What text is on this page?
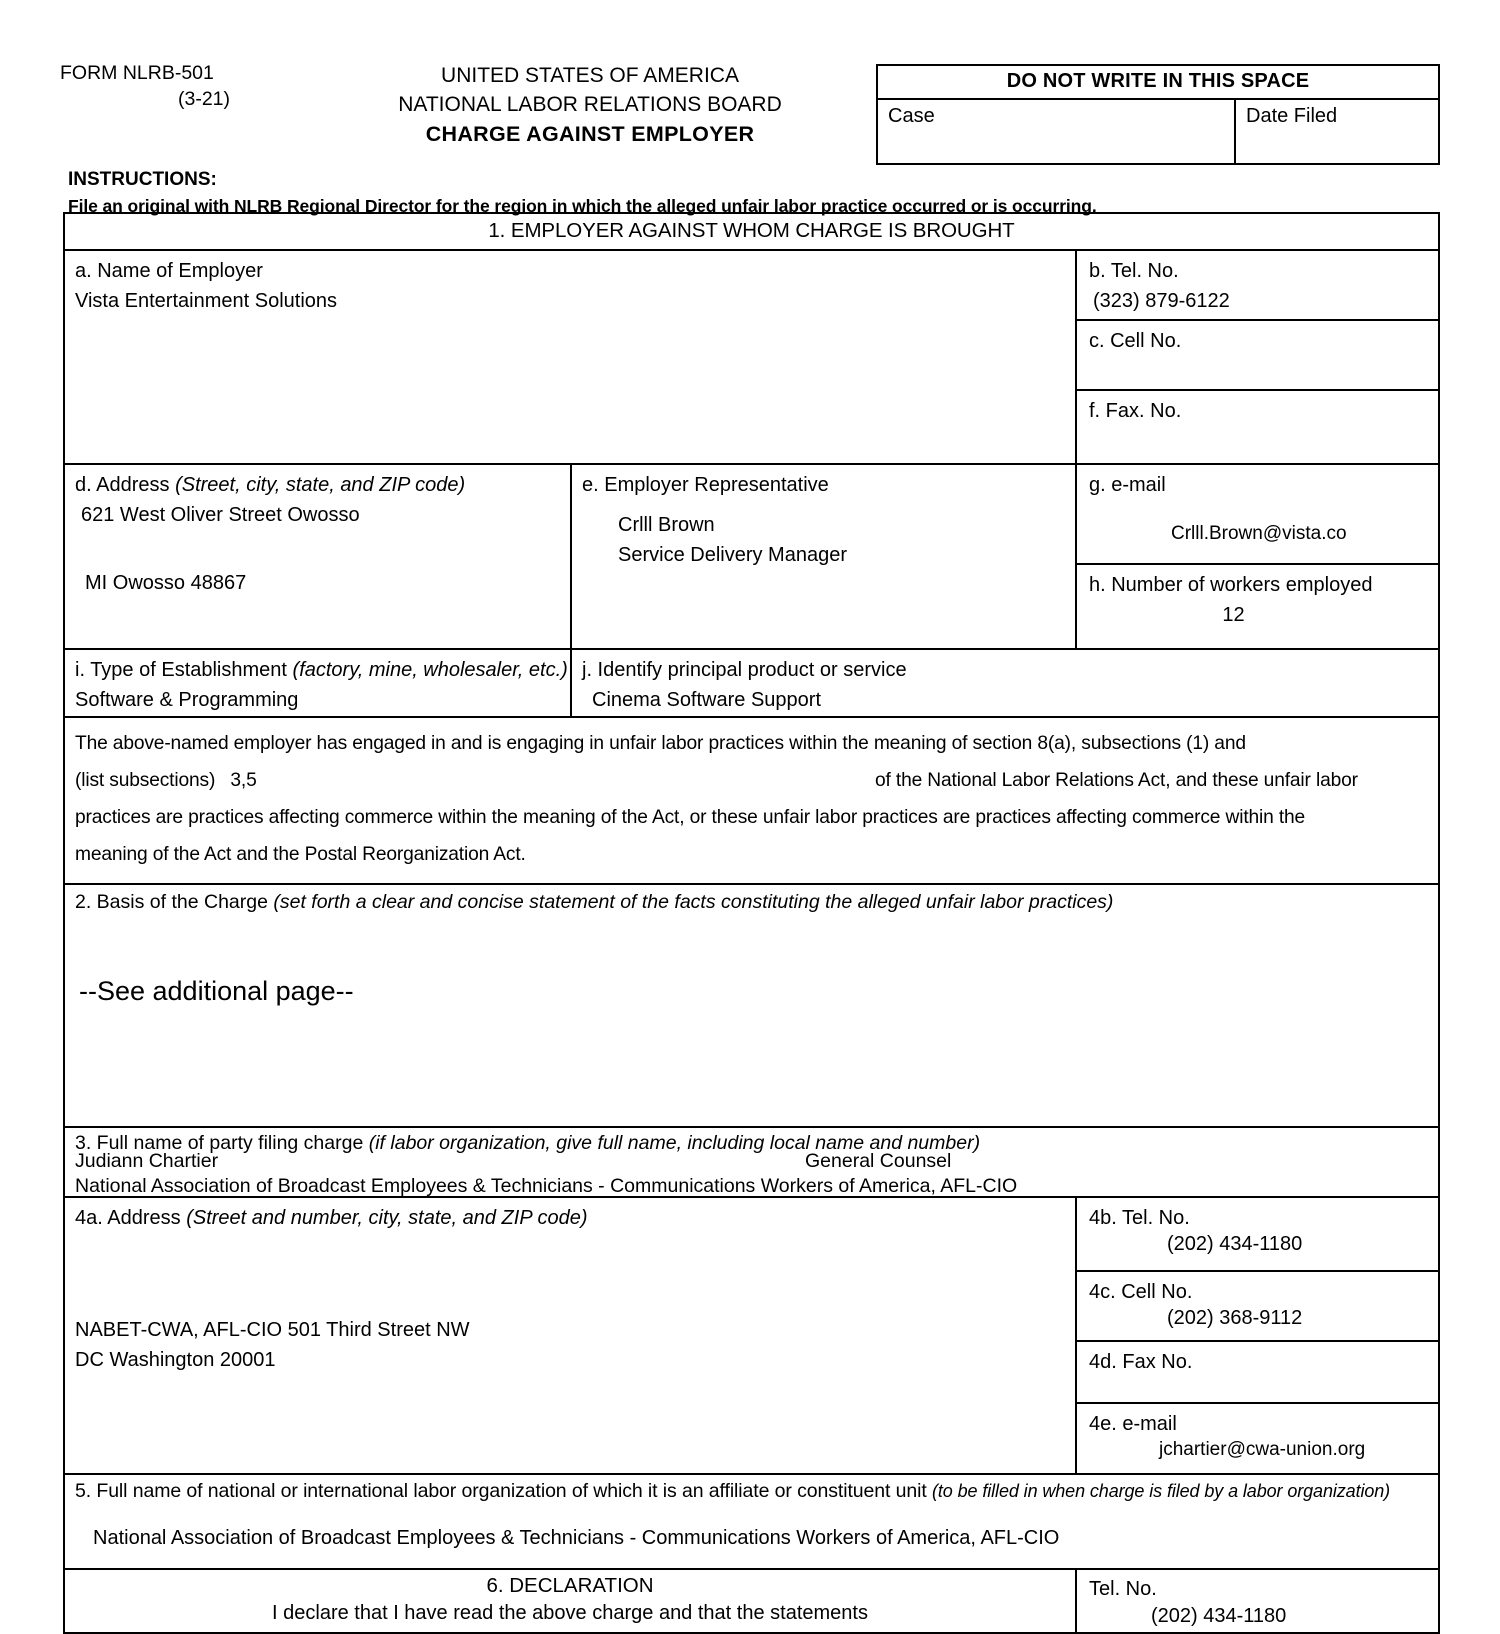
FORM NLRB-501
(3-21)
UNITED STATES OF AMERICA
NATIONAL LABOR RELATIONS BOARD
CHARGE AGAINST EMPLOYER
DO NOT WRITE IN THIS SPACE
Case	Date Filed
INSTRUCTIONS:
File an original with NLRB Regional Director for the region in which the alleged unfair labor practice occurred or is occurring.
1. EMPLOYER AGAINST WHOM CHARGE IS BROUGHT
a. Name of Employer
Vista Entertainment Solutions
b. Tel. No.
(323) 879-6122
c. Cell No.
f. Fax. No.
d. Address (Street, city, state, and ZIP code)
621 West Oliver Street Owosso
MI Owosso 48867
e. Employer Representative
Crlll Brown
Service Delivery Manager
g. e-mail
Crlll.Brown@vista.co
h. Number of workers employed
12
i. Type of Establishment (factory, mine, wholesaler, etc.)
Software & Programming
j. Identify principal product or service
Cinema Software Support
The above-named employer has engaged in and is engaging in unfair labor practices within the meaning of section 8(a), subsections (1) and
(list subsections) 3,5	of the National Labor Relations Act, and these unfair labor
practices are practices affecting commerce within the meaning of the Act, or these unfair labor practices are practices affecting commerce within the
meaning of the Act and the Postal Reorganization Act.
2. Basis of the Charge (set forth a clear and concise statement of the facts constituting the alleged unfair labor practices)
--See additional page--
3. Full name of party filing charge (if labor organization, give full name, including local name and number)
Judiann Chartier	General Counsel
National Association of Broadcast Employees & Technicians - Communications Workers of America, AFL-CIO
4a. Address (Street and number, city, state, and ZIP code)
NABET-CWA, AFL-CIO 501 Third Street NW
DC Washington 20001
4b. Tel. No.
(202) 434-1180
4c. Cell No.
(202) 368-9112
4d. Fax No.
4e. e-mail
jchartier@cwa-union.org
5. Full name of national or international labor organization of which it is an affiliate or constituent unit (to be filled in when charge is filed by a labor organization)
National Association of Broadcast Employees & Technicians - Communications Workers of America, AFL-CIO
6. DECLARATION
I declare that I have read the above charge and that the statements
Tel. No.
(202) 434-1180
